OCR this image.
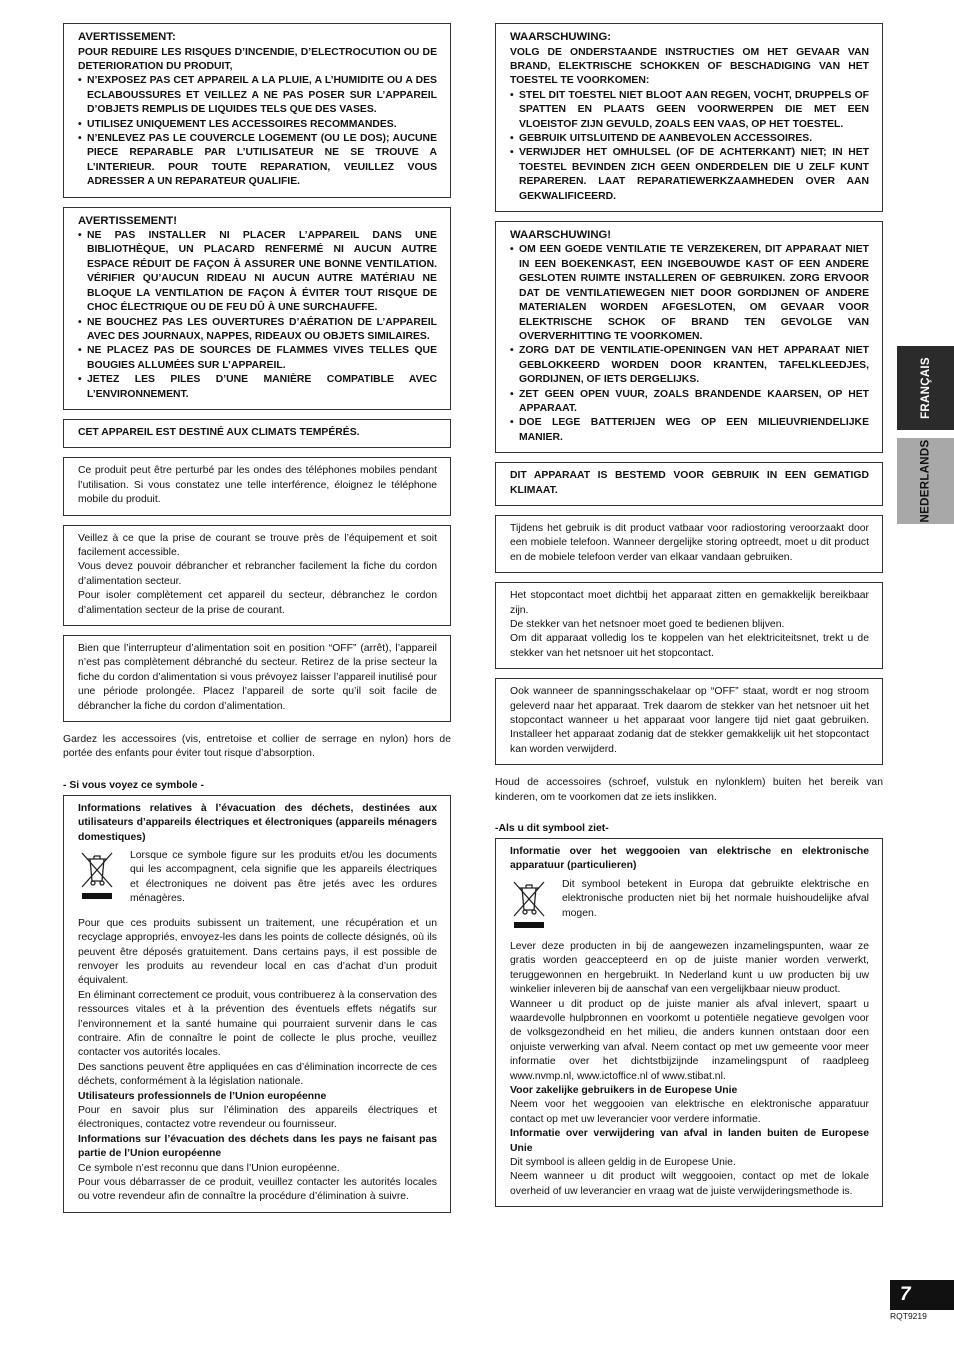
AVERTISSEMENT:

POUR REDUIRE LES RISQUES D’INCENDIE, D’ELECTROCUTION OU DE DETERIORATION DU PRODUIT,

• N’EXPOSEZ PAS CET APPAREIL A LA PLUIE, A L’HUMIDITE OU A DES ECLABOUSSURES ET VEILLEZ A NE PAS POSER SUR L’APPAREIL D’OBJETS REMPLIS DE LIQUIDES TELS QUE DES VASES.
• UTILISEZ UNIQUEMENT LES ACCESSOIRES RECOMMANDES.
• N’ENLEVEZ PAS LE COUVERCLE LOGEMENT (OU LE DOS); AUCUNE PIECE REPARABLE PAR L’UTILISATEUR NE SE TROUVE A L’INTERIEUR. POUR TOUTE REPARATION, VEUILLEZ VOUS ADRESSER A UN REPARATEUR QUALIFIE.
AVERTISSEMENT!
• NE PAS INSTALLER NI PLACER L’APPAREIL DANS UNE BIBLIOTHÈQUE, UN PLACARD RENFERMÉ NI AUCUN AUTRE ESPACE RÉDUIT DE FAÇON À ASSURER UNE BONNE VENTILATION. VÉRIFIER QU’AUCUN RIDEAU NI AUCUN AUTRE MATÉRIAU NE BLOQUE LA VENTILATION DE FAÇON À ÉVITER TOUT RISQUE DE CHOC ÉLECTRIQUE OU DE FEU DÛ À UNE SURCHAUFFE.
• NE BOUCHEZ PAS LES OUVERTURES D’AÉRATION DE L’APPAREIL AVEC DES JOURNAUX, NAPPES, RIDEAUX OU OBJETS SIMILAIRES.
• NE PLACEZ PAS DE SOURCES DE FLAMMES VIVES TELLES QUE BOUGIES ALLUMÉES SUR L’APPAREIL.
• JETEZ LES PILES D’UNE MANIÈRE COMPATIBLE AVEC L’ENVIRONNEMENT.

CET APPAREIL EST DESTINÉ AUX CLIMATS TEMPÉRÉS.

Ce produit peut être perturbé par les ondes des téléphones mobiles pendant l’utilisation. Si vous constatez une telle interférence, éloignez le téléphone mobile du produit.

Veillez à ce que la prise de courant se trouve près de l’équipement et soit facilement accessible.

Vous devez pouvoir débrancher et rebrancher facilement la fiche du cordon d’alimentation secteur.

Pour isoler complètement cet appareil du secteur, débranchez le cordon d’alimentation secteur de la prise de courant.

Bien que l’interrupteur d’alimentation soit en position “OFF” (arrêt), l’appareil n’est pas complètement débranché du secteur. Retirez de la prise secteur la fiche du cordon d’alimentation si vous prévoyez laisser l’appareil inutilisé pour une période prolongée. Placez l’appareil de sorte qu’il soit facile de débrancher la fiche du cordon d’alimentation.

Gardez les accessoires (vis, entretoise et collier de serrage en nylon) hors de portée des enfants pour éviter tout risque d’absorption.

- Si vous voyez ce symbole -

Informations relatives à l’évacuation des déchets, destinées aux utilisateurs d’appareils électriques et électroniques (appareils ménagers domestiques)

Lorsque ce symbole figure sur les produits et/ou les documents qui les accompagnent, cela signifie que les appareils électriques et électroniques ne doivent pas être jetés avec les ordures ménagères.

Pour que ces produits subissent un traitement, une récupération et un recyclage appropriés, envoyez-les dans les points de collecte désignés, où ils peuvent être déposés gratuitement. Dans certains pays, il est possible de renvoyer les produits au revendeur local en cas d’achat d’un produit équivalent.

En éliminant correctement ce produit, vous contribuerez à la conservation des ressources vitales et à la prévention des éventuels effets négatifs sur l’environnement et la santé humaine qui pourraient survenir dans le cas contraire. Afin de connaître le point de collecte le plus proche, veuillez contacter vos autorités locales.

Des sanctions peuvent être appliquées en cas d’élimination incorrecte de ces déchets, conformément à la législation nationale.

Utilisateurs professionnels de l’Union européenne

Pour en savoir plus sur l’élimination des appareils électriques et électroniques, contactez votre revendeur ou fournisseur.

Informations sur l’évacuation des déchets dans les pays ne faisant pas partie de l’Union européenne

Ce symbole n’est reconnu que dans l’Union européenne.

Pour vous débarrasser de ce produit, veuillez contacter les autorités locales ou votre revendeur afin de connaître la procédure d’élimination à suivre.

WAARSCHUWING:

VOLG DE ONDERSTAANDE INSTRUCTIES OM HET GEVAAR VAN BRAND, ELEKTRISCHE SCHOKKEN OF BESCHADIGING VAN HET TOESTEL TE VOORKOMEN:

• STEL DIT TOESTEL NIET BLOOT AAN REGEN, VOCHT, DRUPPELS OF SPATTEN EN PLAATS GEEN VOORWERPEN DIE MET EEN VLOEISTOF ZIJN GEVULD, ZOALS EEN VAAS, OP HET TOESTEL.
• GEBRUIK UITSLUITEND DE AANBEVOLEN ACCESSOIRES.
• VERWIJDER HET OMHULSEL (OF DE ACHTERKANT) NIET; IN HET TOESTEL BEVINDEN ZICH GEEN ONDERDELEN DIE U ZELF KUNT REPAREREN. LAAT REPARATIEWERKZAAMHEDEN OVER AAN GEKWALIFICEERD.
WAARSCHUWING!
• OM EEN GOEDE VENTILATIE TE VERZEKEREN, DIT APPARAAT NIET IN EEN BOEKENKAST, EEN INGEBOUWDE KAST OF EEN ANDERE GESLOTEN RUIMTE INSTALLEREN OF GEBRUIKEN. ZORG ERVOOR DAT DE VENTILATIEWEGEN NIET DOOR GORDIJNEN OF ANDERE MATERIALEN WORDEN AFGESLOTEN, OM GEVAAR VOOR ELEKTRISCHE SCHOK OF BRAND TEN GEVOLGE VAN OVERVERHITTING TE VOORKOMEN.
• ZORG DAT DE VENTILATIE-OPENINGEN VAN HET APPARAAT NIET GEBLOKKEERD WORDEN DOOR KRANTEN, TAFELKLEEDJES, GORDIJNEN, OF IETS DERGELIJKS.
• ZET GEEN OPEN VUUR, ZOALS BRANDENDE KAARSEN, OP HET APPARAAT.
• DOE LEGE BATTERIJEN WEG OP EEN MILIEUVRIENDELIJKE MANIER.

DIT APPARAAT IS BESTEMD VOOR GEBRUIK IN EEN GEMATIGD KLIMAAT.

Tijdens het gebruik is dit product vatbaar voor radiostoring veroorzaakt door een mobiele telefoon. Wanneer dergelijke storing optreedt, moet u dit product en de mobiele telefoon verder van elkaar vandaan gebruiken.

Het stopcontact moet dichtbij het apparaat zitten en gemakkelijk bereikbaar zijn.

De stekker van het netsnoer moet goed te bedienen blijven.

Om dit apparaat volledig los te koppelen van het elektriciteitsnet, trekt u de stekker van het netsnoer uit het stopcontact.

Ook wanneer de spanningsschakelaar op “OFF” staat, wordt er nog stroom geleverd naar het apparaat. Trek daarom de stekker van het netsnoer uit het stopcontact wanneer u het apparaat voor langere tijd niet gaat gebruiken. Installeer het apparaat zodanig dat de stekker gemakkelijk uit het stopcontact kan worden verwijderd.

Houd de accessoires (schroef, vulstuk en nylonklem) buiten het bereik van kinderen, om te voorkomen dat ze iets inslikken.

-Als u dit symbool ziet-

Informatie over het weggooien van elektrische en elektronische apparatuur (particulieren)

Dit symbool betekent in Europa dat gebruikte elektrische en elektronische producten niet bij het normale huishoudelijke afval mogen.

Lever deze producten in bij de aangewezen inzamelingspunten, waar ze gratis worden geaccepteerd en op de juiste manier worden verwerkt, teruggewonnen en hergebruikt. In Nederland kunt u uw producten bij uw winkelier inleveren bij de aanschaf van een vergelijkbaar nieuw product.

Wanneer u dit product op de juiste manier als afval inlevert, spaart u waardevolle hulpbronnen en voorkomt u potentiële negatieve gevolgen voor de volksgezondheid en het milieu, die anders kunnen ontstaan door een onjuiste verwerking van afval. Neem contact op met uw gemeente voor meer informatie over het dichtstbijzijnde inzamelingspunt of raadpleeg www.nvmp.nl, www.ictoffice.nl of www.stibat.nl.

Voor zakelijke gebruikers in de Europese Unie

Neem voor het weggooien van elektrische en elektronische apparatuur contact op met uw leverancier voor verdere informatie.

Informatie over verwijdering van afval in landen buiten de Europese Unie

Dit symbool is alleen geldig in de Europese Unie.

Neem wanneer u dit product wilt weggooien, contact op met de lokale overheid of uw leverancier en vraag wat de juiste verwijderingsmethode is.

FRANÇAIS
NEDERLANDS
7
RQT9219
